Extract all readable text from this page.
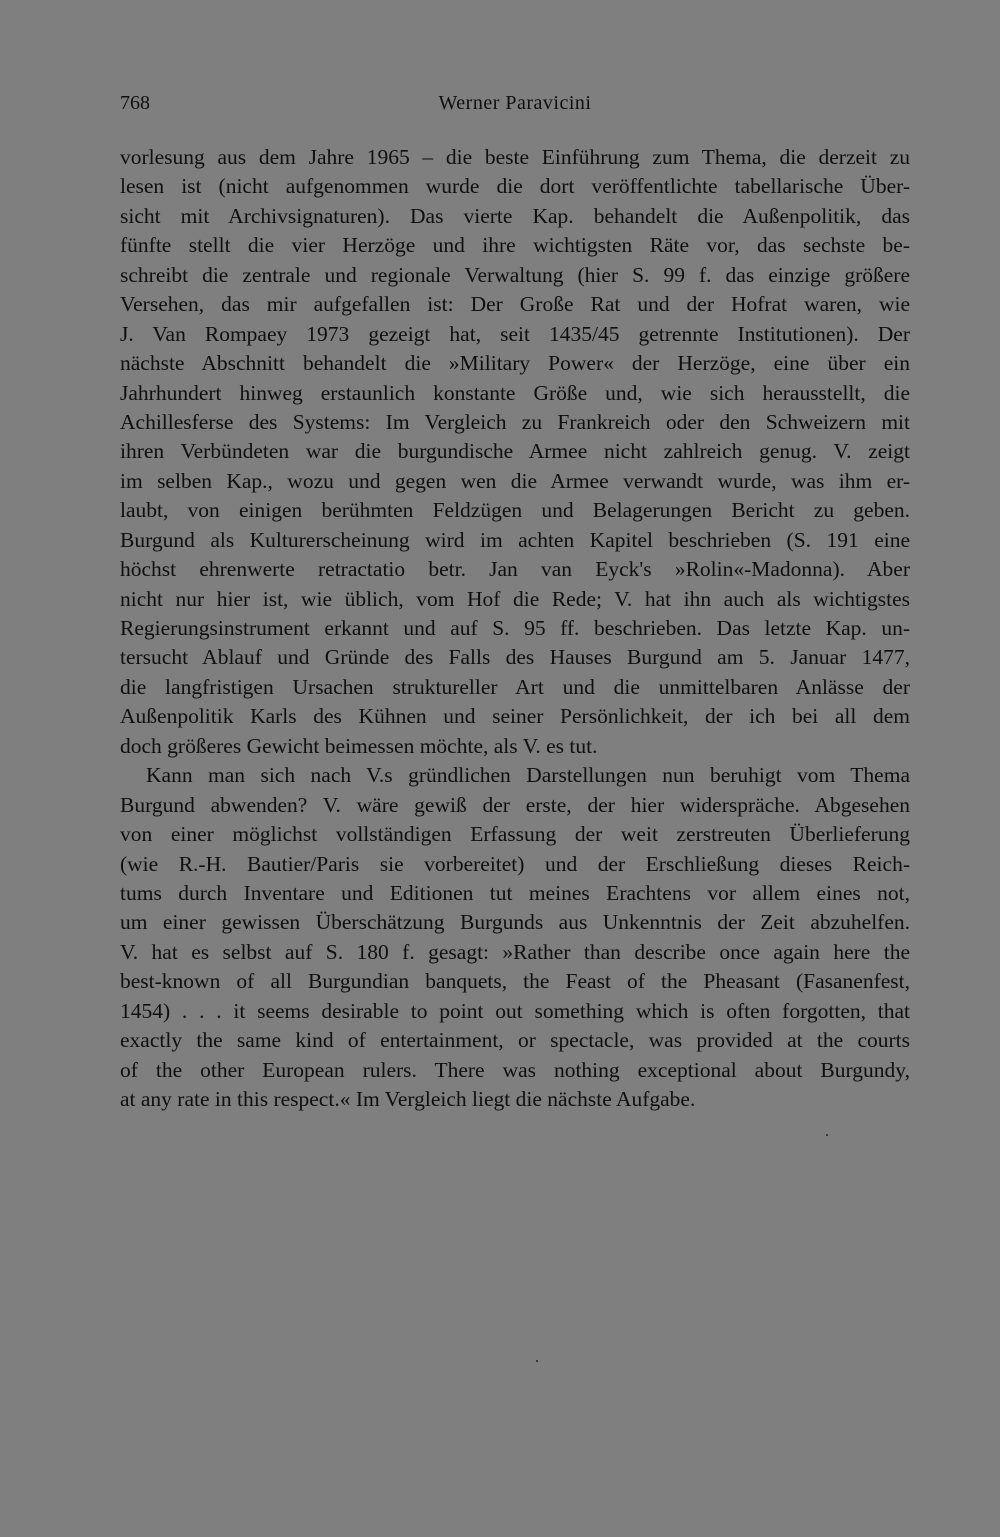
768	Werner Paravicini
vorlesung aus dem Jahre 1965 – die beste Einführung zum Thema, die derzeit zu
lesen ist (nicht aufgenommen wurde die dort veröffentlichte tabellarische Über-
sicht mit Archivsignaturen). Das vierte Kap. behandelt die Außenpolitik, das
fünfte stellt die vier Herzöge und ihre wichtigsten Räte vor, das sechste be-
schreibt die zentrale und regionale Verwaltung (hier S. 99 f. das einzige größere
Versehen, das mir aufgefallen ist: Der Große Rat und der Hofrat waren, wie
J. Van Rompaey 1973 gezeigt hat, seit 1435/45 getrennte Institutionen). Der
nächste Abschnitt behandelt die »Military Power« der Herzöge, eine über ein
Jahrhundert hinweg erstaunlich konstante Größe und, wie sich herausstellt, die
Achillesferse des Systems: Im Vergleich zu Frankreich oder den Schweizern mit
ihren Verbündeten war die burgundische Armee nicht zahlreich genug. V. zeigt
im selben Kap., wozu und gegen wen die Armee verwandt wurde, was ihm er-
laubt, von einigen berühmten Feldzügen und Belagerungen Bericht zu geben.
Burgund als Kulturerscheinung wird im achten Kapitel beschrieben (S. 191 eine
höchst ehrenwerte retractatio betr. Jan van Eyck's »Rolin«-Madonna). Aber
nicht nur hier ist, wie üblich, vom Hof die Rede; V. hat ihn auch als wichtigstes
Regierungsinstrument erkannt und auf S. 95 ff. beschrieben. Das letzte Kap. un-
tersucht Ablauf und Gründe des Falls des Hauses Burgund am 5. Januar 1477,
die langfristigen Ursachen struktureller Art und die unmittelbaren Anlässe der
Außenpolitik Karls des Kühnen und seiner Persönlichkeit, der ich bei all dem
doch größeres Gewicht beimessen möchte, als V. es tut.
Kann man sich nach V.s gründlichen Darstellungen nun beruhigt vom Thema
Burgund abwenden? V. wäre gewiß der erste, der hier widerspräche. Abgesehen
von einer möglichst vollständigen Erfassung der weit zerstreuten Überlieferung
(wie R.-H. Bautier/Paris sie vorbereitet) und der Erschließung dieses Reich-
tums durch Inventare und Editionen tut meines Erachtens vor allem eines not,
um einer gewissen Überschätzung Burgunds aus Unkenntnis der Zeit abzuhelfen.
V. hat es selbst auf S. 180 f. gesagt: »Rather than describe once again here the
best-known of all Burgundian banquets, the Feast of the Pheasant (Fasanenfest,
1454) . . . it seems desirable to point out something which is often forgotten, that
exactly the same kind of entertainment, or spectacle, was provided at the courts
of the other European rulers. There was nothing exceptional about Burgundy,
at any rate in this respect.« Im Vergleich liegt die nächste Aufgabe.
